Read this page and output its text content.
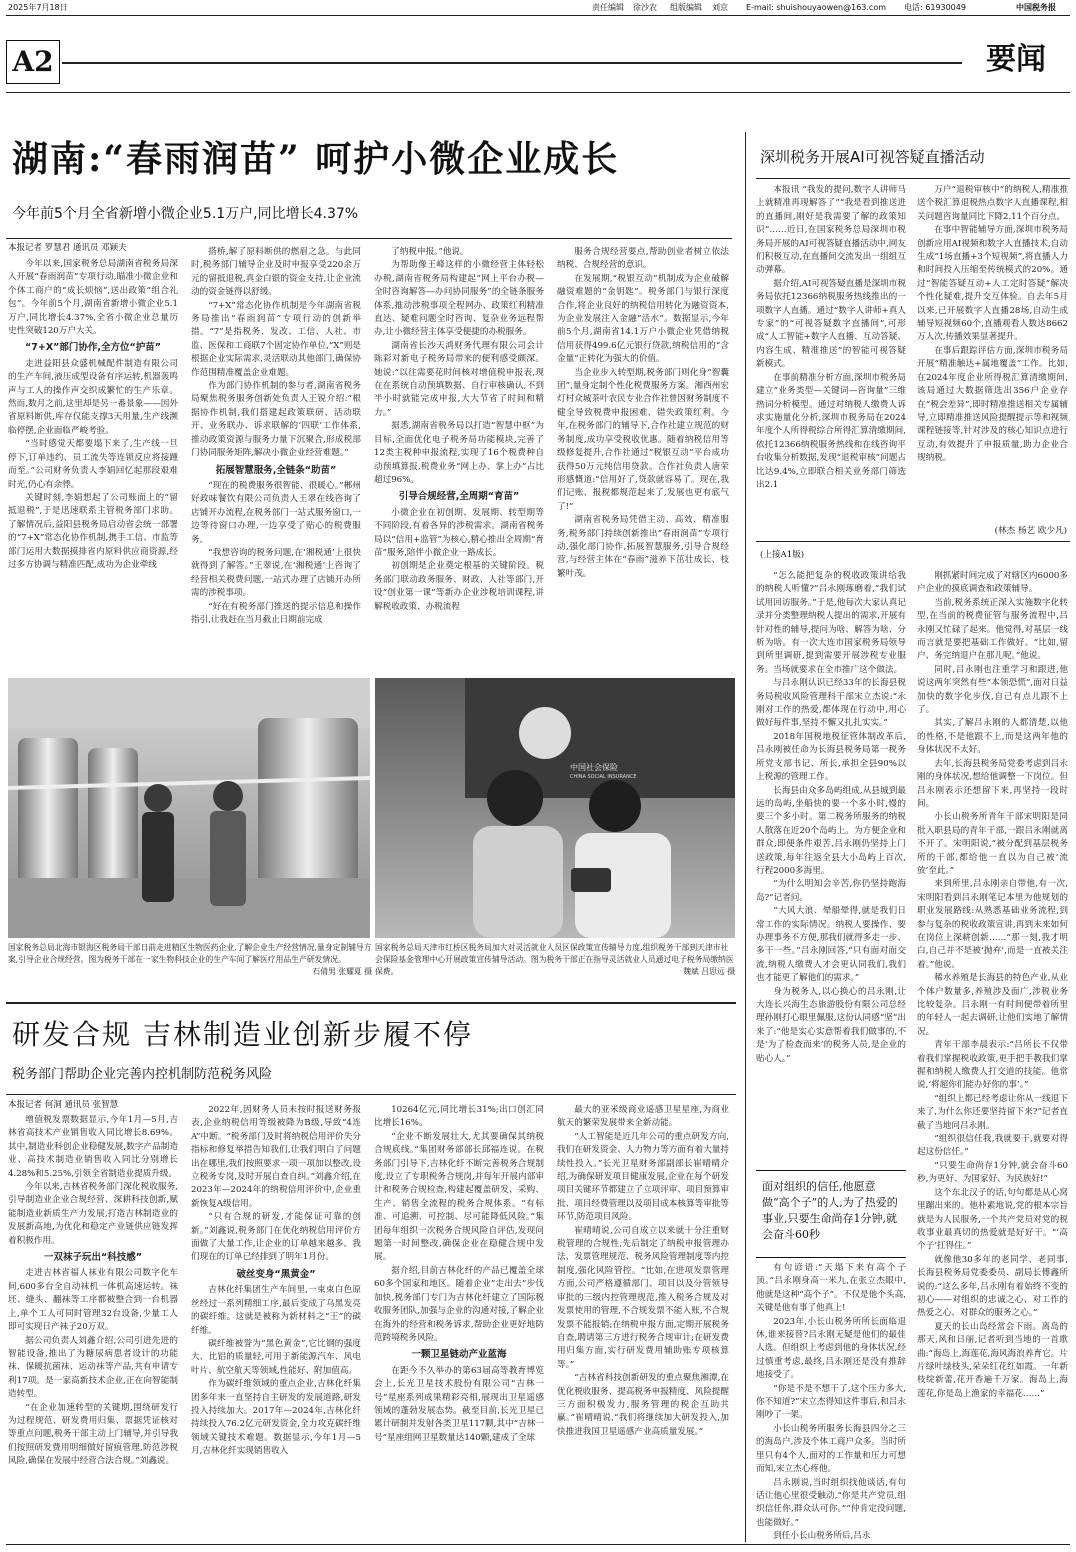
2025年7月18日	责任编辑 徐沙农 组版编辑 刘京 E-mail: shuishouyaowen@163.com 电话: 61930049	中国税务报
A2	要闻
湖南:“春雨润苗” 呵护小微企业成长
今年前5个月全省新增小微企业5.1万户,同比增长4.37%
本报记者 罗慧君 通讯员 邓颖夫

今年以来,国家税务总局湖南省税务局深入开展“春雨润苗”专项行动,瞄准小微企业和个体工商户的“成长烦恼”,送出政策“组合礼包”。今年前5个月,湖南省新增小微企业5.1万户,同比增长4.37%,全省小微企业总量历史性突破120万户大关。

“7+X”部门协作,全方位“护苗”

走进益阳县众盛机械配件制造有限公司的生产车间,液压成型设备有序运转,机器轰鸣声与工人的操作声交织成繁忙的生产乐章。然而,数月之前,这里却是另一番景象——因外省原料断供,库存仅能支撑3天用量,生产线濒临停摆,企业面临严峻考验。

“当时感觉天都要塌下来了,生产线一旦停下,订单违约、员工流失等连锁反应将接踵而至。”公司财务负责人李娟回忆起那段艰难时光,仍心有余悸。

关键时刻,李娟想起了公司账面上的“留抵退税”,于是迅速联系主管税务部门求助。了解情况后,益阳县税务局启动省会统一部署的“7+X”常态化协作机制,携手工信、市监等部门运用大数据摸排省内原料供应商资源,经过多方协调与精准匹配,成功为企业牵线

搭桥,解了原料断供的燃眉之急。与此同时,税务部门辅导企业及时申报享受220余万元的留抵退税,真金白银的资金支持,让企业流动的资金链得以舒缓。

“7+X”常态化协作机制是今年湖南省税务局推出“春雨润苗”专项行动的创新举措。“7”是指税务、发改、工信、人社、市监、医保和工商联7个固定协作单位,“X”则是根据企业实际需求,灵活联动其他部门,确保协作范围精准覆盖企业难题。

作为部门协作机制的参与者,湖南省税务局聚焦税务服务创新处负责人王锐介绍:“根据协作机制,我们搭建起政策联研、活动联开、业务联办、诉求联解的‘四联’工作体系,推动政策资源与服务力量下沉聚合,形成税部门协同服务矩阵,解决小微企业经营难题。”

拓展智慧服务,全链条“助苗”

“现在的税费服务很智能、很暖心。”郴州好政味餐饮有限公司负责人王翠在线咨询了店铺开办流程,在税务部门一站式服务窗口,一边等待窗口办理,一边享受了贴心的税费服务。

“我想咨询的税务问题,在‘湘税通’上很快就得到了解答。”王翠说,在‘湘税通’上咨询了经营相关税费问题,一站式办理了店铺开办所需的涉税事项。

“好在有税务部门推送的提示信息和操作指引,让我赶在当月截止日期前完成

了纳税申报。”他说。

为帮助像王峰这样的小微经营主体轻松办税,湖南省税务局构建起“网上平台办税—全时咨询解答—办问协同服务”的全链条服务体系,推动涉税事项全程网办、政策红利精准直达、疑难问题全时咨询、复杂业务远程帮办,让小微经营主体享受便捷的办税服务。

湖南省长沙天鸿财务代理有限公司会计陈彩对新电子税务局带来的便利感受颇深。她说:“以往需要花时间核对增值税申报表,现在在系统自动预填数据、自行审核确认,不到半小时就能完成申报,大大节省了时间和精力。”

据悉,湖南省税务局以打造“智慧中枢”为目标,全面优化电子税务局功能模块,完善了12类主税种申报流程,实现了16个税费种自动预填算报,税费业务“网上办、掌上办”占比超过96%。

引导合规经营,全周期“育苗”

小微企业在初创期、发展期、转型期等不同阶段,有着各异的涉税需求。湖南省税务局以“信用+监管”为核心,精心推出全周期“育苗”服务,陪伴小微企业一路成长。

初创期是企业奠定根基的关键阶段。税务部门联动政务服务、财政、人社等部门,开设“创业第一课”等新办企业涉税培训课程,讲解税收政策、办税流程

服务合规经营要点,帮助创业者树立依法纳税、合规经营的意识。

在发展期,“税银互动”机制成为企业破解融资难题的“金钥匙”。税务部门与银行深度合作,将企业良好的纳税信用转化为融资资本,为企业发展注入金融“活水”。数据显示,今年前5个月,湖南省14.1万户小微企业凭借纳税信用获得499.6亿元银行贷款,纳税信用的“含金量”正转化为强大的价值。

当企业步入转型期,税务部门则化身“智囊团”,量身定制个性化税费服务方案。湘西州宏灯村众城茶叶农民专业合作社曾因财务制度不健全导致税费申报困难、错失政策红利。今年,在税务部门的辅导下,合作社建立规范的财务制度,成功享受税收优惠。随着纳税信用等级修复提升,合作社通过“税银互动”平台成功获得50万元纯信用贷款。合作社负责人唐荣形感慨道:“信用好了,贷款就容易了。现在,我们记账、报税都规范起来了,发展也更有底气了!”

湖南省税务局凭借主动、高效、精准服务,税务部门持续创新推出“春雨润苗”专项行动,强化部门协作,拓展智慧服务,引导合规经营,与经营主体在“春雨”滋养下茁壮成长、枝繁叶茂。

深圳税务开展AI可视答疑直播活动

本报讯 “我发的提问,数字人讲师马上就精准再现解答了”“我是看到推送进的直播间,刚好是我需要了解的政策知识”……近日,在国家税务总局深圳市税务局开展的AI可视答疑直播活动中,网友们积极互动,在直播间交流发出一组组互动弹幕。

据介绍,AI可视答疑直播是深圳市税务局依托12366纳税服务热线推出的一项数字人直播。通过“数字人讲师+真人专家”的“可视答疑数字直播间”,可形成“人工智能+数字人直播、互动答疑、内容生成、精准推送”的智能可视答疑新模式。

在事前精准分析方面,深圳市税务局建立“业务类型—关键词—咨询量”三维热词分析模型。通过对纳税人缴费人诉求实施量化分析,深圳市税务局在2024年度个人所得税综合所得汇算清缴期间,依托12366纳税服务热线和在线咨询平台收集分析数据,发现“退税审核”问题占比达9.4%,立即联合相关业务部门筛选出2.1

万户“退税审核中”的纳税人,精准推送个税汇算退税热点数字人直播课程,相关问题咨询量同比下降2.11个百分点。

在事中智能辅导方面,深圳市税务局创新应用AI视频和数字人直播技术,自动生成“1场直播+3个短视频”,将直播人力和时间投入压缩至传统模式的20%。通过“智能答疑互动+人工定时答疑”解决个性化疑难,提升交互体验。自去年5月以来,已开展数字人直播28场,自动生成辅导短视频60个,直播观看人数达8662万人次,传播效果显著提升。

在事后跟踪评估方面,深圳市税务局开展“精准触达+属地覆盖”工作。比如,在2024年度企业所得税汇算清缴期间,该局通过大数据筛选出356户企业存在“税会差异”,即时精准推送相关专属辅导,立即精准推送风险提醒提示等和视频课程链接等,针对涉及的核心知识点进行互动,有效提升了申报质量,助力企业合规纳税。

(林杰 杨艺 欧少凡)
(上接A1版)

“怎么能把复杂的税收政策讲给我的纳税人听懂?”吕永刚琢磨着,“我们试试用回访服务。”于是,他每次大家认真记录并分类整理纳税人提出的需求,开展有针对性的辅导,提问为啥、解答为啥、分析为啥。有一次大连市国家税务局领导到所里调研,提到需要开展涉税专业服务。当场就要求在全市推广这个做法。

与吕永刚认识已经33年的长海县税务局税收风险管理科干部宋立杰说:“永刚对工作的热爱,都体现在行动中,用心做好每件事,坚持不懈又扎扎实实。”

2018年国税地税征管体制改革后,吕永刚被任命为长海县税务局第一税务所党支部书记、所长,承担全县90%以上税源的管理工作。

长海县由众多岛屿组成,从县城到最远的岛屿,坐船快的要一个多小时,慢的要三个多小时。第二税务所服务的纳税人散落在近20个岛屿上。为方便企业和群众,即便条件艰苦,吕永刚仍坚持上门送政策,每年往返全县大小岛屿上百次,行程2000多海里。

“为什么明知会辛苦,你仍坚持跑海岛?”记者问。

“大风大浪、晕船晕得,就是我们日常工作的实际情况。纳税人要操作、要办理事务不方便,那我们就得多走一步、多干一些。”吕永刚回答,“只有面对面交流,纳税人缴费人才会更认同我们,我们也才能更了解他们的需求。”

身为税务人,以心换心的吕永刚,让大连长兴海生态旅游股份有限公司总经理孙刚打心眼里佩服,这份认同感“坚”出来了:“他是实心实意帮着我们做事的,不是‘为了检查而来’的税务人员,是企业的贴心人。”

面对组织的信任,他愿意做“高个子”的人,为了热爱的事业,只要生命尚存1分钟,就会奋斗60秒

有句谚语:“天塌下来有高个子顶。”吕永刚身高一米九,在张立杰眼中,他就是这种“高个子”。不仅是他个头高,关键是他有事了他真上!

2023年,小长山税务所所长面临退休,谁来接替?吕永刚无疑是他们的最佳人选。但组织上考虑到他的身体状况,经过慎重考虑,最终,吕永刚还是没有推辞地接受了。

“你是不是不想干了,这个压力多大,你不知道?”宋立杰得知这件事后,和吕永刚吵了一架。

小长山税务所服务长海县四分之三的海岛户,涉及个体工商户众多。当时所里只有4个人,面对的工作量和压力可想而知,宋立杰心疼他。

吕永刚说,当时组织找他谈话,有句话让他心里很受触动,“你是共产党员,组织信任你,群众认可你。”“仲肯定没问题,也能做好。”

到任小长山税务所后,吕永

刚抓紧时间完成了对辖区内6000多户企业的摸底调查和政策辅导。

当前,税务系统正深入实施数字化转型,在当前的税费征管与服务流程中,吕永刚又忙碌了起来。他觉得,对基层一线而言就是要把基础工作做好。“比如,留户、务完纳退户在那儿呢。”他说。

同时,吕永刚也注重学习和跟进,他说这两年突然有些“本领恐慌”,面对日益加快的数字化步伐,自己有点儿跟不上了。

其实,了解吕永刚的人都清楚,以他的性格,不是他跟不上,而是这两年他的身体状况不太好。

去年,长海县税务局党委考虑到吕永刚的身体状况,想给他调整一下岗位。但吕永刚表示还想留下来,再坚持一段时间。

小长山税务所青年干部宋明阳是同批入职县局的青年干部,一跟吕永刚就离不开了。宋明阳说,“被分配到基层税务所的干部,都给他一直以为自己被‘流放’至此。”

来到所里,吕永刚亲自带他,有一次,宋明阳看到吕永刚笔记本里为他规划的职业发展路线:从熟悉基础业务流程,到参与复杂的税收政策宣讲,再到未来如何在岗位上深耕创新……“那一刻,我才明白,自己并不是被‘抛弃’,而是一直被关注着。”他说。

稀水养殖是长海县的特色产业,从业个体户数量多,养殖涉及面广,涉税业务比较复杂。吕永刚一有时间便带着所里的年轻人一起去调研,让他们实地了解情况。

青年干部李晨表示:“吕所长不仅带着我们掌握税收政策,更手把手教我们掌握和纳税人缴费人打交道的技能。他常说,‘将超你们能办好你的事’。”

“组织上都已经考虑让你从一线退下来了,为什么你还要坚持留下来?”记者直截了当地问吕永刚。

“组织很信任我,我就要干,就要对得起这份信任。”

“只要生命尚存1分钟,就会奋斗60秒,为更好、为国家好、为民族好!”

这个东北汉子的话,句句都是从心窝里蹦出来的。他朴素地说,党的根本宗旨就是为人民服务,一个共产党员对党的税收事业最真切的热爱就是好好干。“‘高个子’扛得住。”

就像他30多年的老同学、老同事,长海县税务局党委委员、副局长傅鑫所说的:“这么多年,吕永刚有着始终不变的初心——对组织的忠诚之心、对工作的热爱之心、对群众的服务之心。”

夏天的长山岛经常会下雨。离岛的那天,风和日丽,记者听到当地的一首歌曲:“海岛上,海莲花,海风海浪养育它。片片绿叶绿枝头,朵朵红花红如霞。一年新枝绽新蕾,花开香遍千万家。海岛上,海莲花,你是岛上渔家的幸福花……”

国家税务总局北海市银海区税务局干部日前走进精区生物医药企业,了解企业生产经营情况,量身定制辅导方案,引导企业合规经营。图为税务干部在一家生物科技企业的生产车间了解医疗用品生产研发情况。
石倩男 张耀夏 摄
中国社会保险
CHINA SOCIAL INSURANCE
国家税务总局天津市红桥区税务局加大对灵活就业人员区保政策宣传辅导力度,组织税务干部到天津市社会保险基金管理中心开展政策宣传辅导活动。图为税务干部正在指导灵活就业人员通过电子税务局缴纳医保费。	魏斌 吕思远 摄
研发合规 吉林制造业创新步履不停
税务部门帮助企业完善内控机制防范税务风险
本报记者 何洞 通讯员 张智慧

增值税发票数据显示,今年1月—5月,吉林省高技术产业销售收入同比增长8.69%。其中,制造业科创企业稳健发展,数字产品制造业、高技术制造业销售收入同比分别增长4.28%和5.25%,引领全省制造业提质升级。

今年以来,吉林省税务部门深化税收服务,引导制造业企业合规经营、深耕科技创新,赋能制造业新质生产力发展,打造吉林制造业的发展新高地,为优化和稳定产业链供应链发挥着积极作用。

一双袜子玩出“科技感”

走进吉林省福人袜业有限公司数字化车间,600多台全自动袜机一体机高速运转。袜坯、缝头、翻袜等工序都被整合到一台机器上,单个工人可同时管理32台设备,少量工人即可实现日产袜子20万双。

据公司负责人刘鑫介绍,公司引进先进的智能设备,推出了为糖尿病患者设计的功能袜、保暖抗菌袜、运动袜等产品,共有申请专利17项。是一家高新技术企业,正在向智能制造转型。

“在企业加速转型的关键期,围绕研发行为过程规范、研发费用归集、票据凭证核对等重点问题,税务干部主动上门辅导,并引导我们按照研发费用明细做好留痕管理,防范涉税风险,确保在发展中经营合法合规。”刘鑫说。

2022年,因财务人员未按时报送财务报表,企业纳税信用等级被降为B级,导致“4连A”中断。“税务部门及时将纳税信用评价失分指标和修复举措告知我们,让我们明白了问题出在哪里,我们按照要求一项一项加以整改,设立税务专岗,及时开展自查自纠。”刘鑫介绍,在2023年—2024年的纳税信用评价中,企业重新恢复A级信用。

“只有合规的研发,才能保证可靠的创新。”刘鑫说,税务部门在优化纳税信用评价方面做了大量工作,让企业的订单越来越多。我们现在的订单已经排到了明年1月份。

破丝变身“黑黄金”

吉林化纤集团生产车间里,一束束白色原丝经过一系列精细工序,最后变成了乌黑发亮的碳纤维。这就是被称为新材料之“王”的碳纤维。

碳纤维被誉为“黑色黄金”,它比钢的强度大、比铝的质量轻,可用于新能源汽车、风电叶片、航空航天等领域,性能好、附加值高。

作为碳纤维领域的重点企业,吉林化纤集团多年来一直坚持自主研发的发展道路,研发投入持续加大。2017年—2024年,吉林化纤持续投入76.2亿元研发资金,全力攻克碳纤维领域关键技术难题。数据显示,今年1月—5月,吉林化纤实现销售收入

10264亿元,同比增长31%;出口创汇同比增长16%。

“企业不断发展壮大,尤其要确保其纳税合规底线。”集团财务部部长邱福连说。在税务部门引导下,吉林化纤不断完善税务合规制度,设立了专职税务合规岗,并每年开展内部审计和税务合规检查,构建起覆盖研发、采购、生产、销售全流程的税务合规体系。“有标准、可追溯、可控制、尽可能降低风险。”集团每年组织一次税务合规风险自评估,发现问题第一时间整改,确保企业在稳健合规中发展。

据介绍,目前吉林化纤的产品已覆盖全球60多个国家和地区。随着企业“走出去”步伐加快,税务部门专门为吉林化纤建立了国际税收服务团队,加强与企业的沟通对接,了解企业在海外的经营和税务诉求,帮助企业更好地防范跨境税务风险。

一颗卫星链动产业蓝海

在距今不久举办的第63届高等教育博览会上,长光卫星技术股份有限公司“吉林一号”星座系列成果精彩亮相,展现出卫星遥感领域的蓬勃发展态势。截至目前,长光卫星已累计研制并发射各类卫星117颗,其中“吉林一号”星座组网卫星数量达140颗,建成了全球

最大的亚米级商业遥感卫星星座,为商业航天的繁荣发展带来全新动能。

“人工智能是近几年公司的重点研发方向,我们在研发资金、人力物力等方面有着大量持续性投入。”长光卫星财务部副部长崔晴晴介绍,为确保研发项目健康发展,企业在每个研发项目关键环节都建立了立项评审、项目预算审批、项目经费管理以及项目成本核算等审批等环节,防范项目风险。

崔晴晴说,公司自成立以来就十分注重财税管理的合规性,先后制定了纳税申报管理办法、发票管理规范、税务风险管理制度等内控制度,强化风险管控。“比如,在进项发票管理方面,公司严格遵循部门、项目以及分管领导审批的三级内控管理规范,推入税务合规及对发票使用的管理,不合规发票不能入账,不合规发票不能报销;在纳税申报方面,定期开展税务自查,聘请第三方进行税务合规审计;在研发费用归集方面,实行研发费用辅助账专项核算等。”

“吉林省科技创新研发的重点聚焦湘潭,在优化税收服务、提高税务申报精度、风险提醒三方面积极发力,服务管理的税企互助共赢。”崔晴晴说,“我们将继续加大研发投入,加快推进我国卫星遥感产业高质量发展。”
